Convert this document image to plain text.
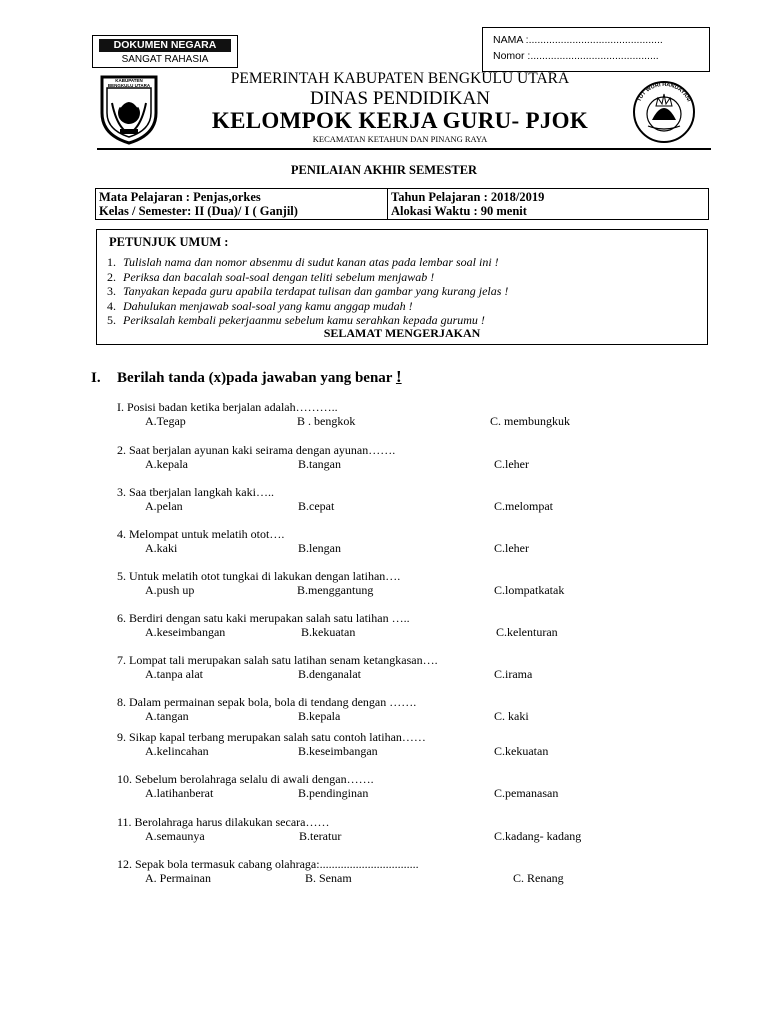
DOKUMEN NEGARA
SANGAT RAHASIA
NAMA :..............................................
Nomor :............................................
KABUPATEN
BENGKULU UTARA
TUT WURI HANDAYANI
PEMERINTAH KABUPATEN BENGKULU UTARA
DINAS PENDIDIKAN
KELOMPOK KERJA GURU- PJOK
KECAMATAN KETAHUN DAN PINANG RAYA
PENILAIAN AKHIR SEMESTER
Mata Pelajaran : Penjas,orkes
Kelas / Semester: II (Dua)/ I ( Ganjil)
Tahun Pelajaran : 2018/2019
Alokasi Waktu : 90 menit
PETUNJUK UMUM :
1. Tulislah nama dan nomor absenmu di sudut kanan atas pada lembar soal ini !
2. Periksa dan bacalah soal-soal dengan teliti sebelum menjawab !
3. Tanyakan kepada guru apabila terdapat tulisan dan gambar yang kurang jelas !
4. Dahulukan menjawab soal-soal yang kamu anggap mudah !
5. Periksalah kembali pekerjaanmu sebelum kamu serahkan kepada gurumu !
SELAMAT MENGERJAKAN
I. Berilah tanda (x)pada jawaban yang benar !
I. Posisi badan ketika berjalan adalah………..
A.Tegap	B . bengkok	C. membungkuk
2. Saat berjalan ayunan kaki seirama dengan ayunan…….
A.kepala	B.tangan	C.leher
3. Saa tberjalan langkah kaki…..
A.pelan	B.cepat	C.melompat
4. Melompat untuk melatih otot….
A.kaki	B.lengan	C.leher
5. Untuk melatih otot tungkai di lakukan dengan latihan….
A.push up	B.menggantung	C.lompatkatak
6. Berdiri dengan satu kaki merupakan salah satu latihan …..
A.keseimbangan	B.kekuatan	C.kelenturan
7. Lompat tali merupakan salah satu latihan senam ketangkasan….
A.tanpa alat	B.denganalat	C.irama
8. Dalam permainan sepak bola, bola di tendang dengan …….
A.tangan	B.kepala	C. kaki
9. Sikap kapal terbang merupakan salah satu contoh latihan……
A.kelincahan	B.keseimbangan	C.kekuatan
10. Sebelum berolahraga selalu di awali dengan…….
A.latihanberat	B.pendinginan	C.pemanasan
11. Berolahraga harus dilakukan secara……
A.semaunya	B.teratur	C.kadang- kadang
12. Sepak bola termasuk cabang olahraga:.................................
A. Permainan	B. Senam	C. Renang
